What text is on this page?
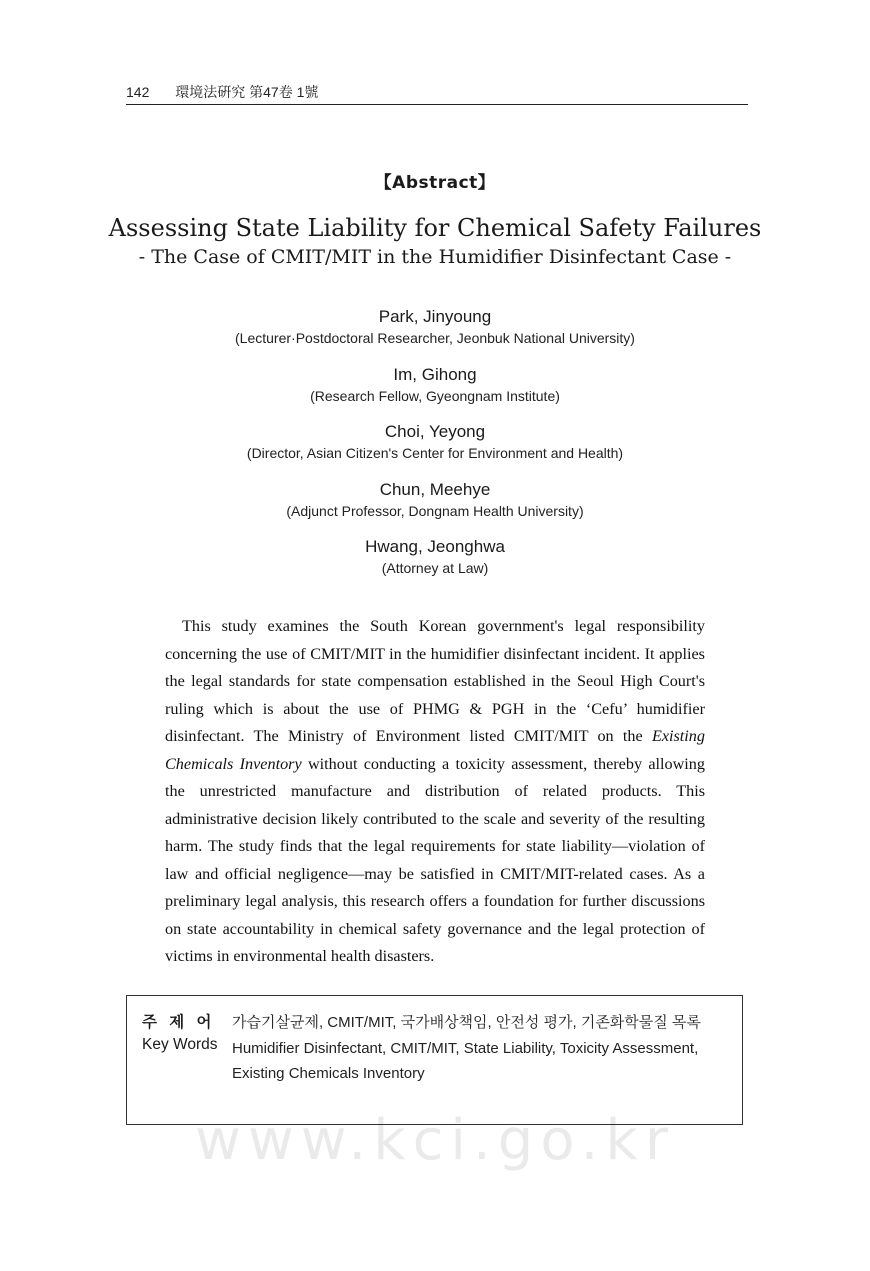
142 環境法硏究 第47卷 1號
【Abstract】
Assessing State Liability for Chemical Safety Failures
- The Case of CMIT/MIT in the Humidifier Disinfectant Case -
Park, Jinyoung
(Lecturer·Postdoctoral Researcher, Jeonbuk National University)
Im, Gihong
(Research Fellow, Gyeongnam Institute)
Choi, Yeyong
(Director, Asian Citizen's Center for Environment and Health)
Chun, Meehye
(Adjunct Professor, Dongnam Health University)
Hwang, Jeonghwa
(Attorney at Law)

This study examines the South Korean government's legal responsibility concerning the use of CMIT/MIT in the humidifier disinfectant incident. It applies the legal standards for state compensation established in the Seoul High Court's ruling which is about the use of PHMG & PGH in the ‘Cefu’ humidifier disinfectant. The Ministry of Environment listed CMIT/MIT on the Existing Chemicals Inventory without conducting a toxicity assessment, thereby allowing the unrestricted manufacture and distribution of related products. This administrative decision likely contributed to the scale and severity of the resulting harm. The study finds that the legal requirements for state liability—violation of law and official negligence—may be satisfied in CMIT/MIT-related cases. As a preliminary legal analysis, this research offers a foundation for further discussions on state accountability in chemical safety governance and the legal protection of victims in environmental health disasters.

주 제 어	가습기살균제, CMIT/MIT, 국가배상책임, 안전성 평가, 기존화학물질 목록
Key Words Humidifier Disinfectant, CMIT/MIT, State Liability, Toxicity Assessment, Existing Chemicals Inventory
www.kci.go.kr
